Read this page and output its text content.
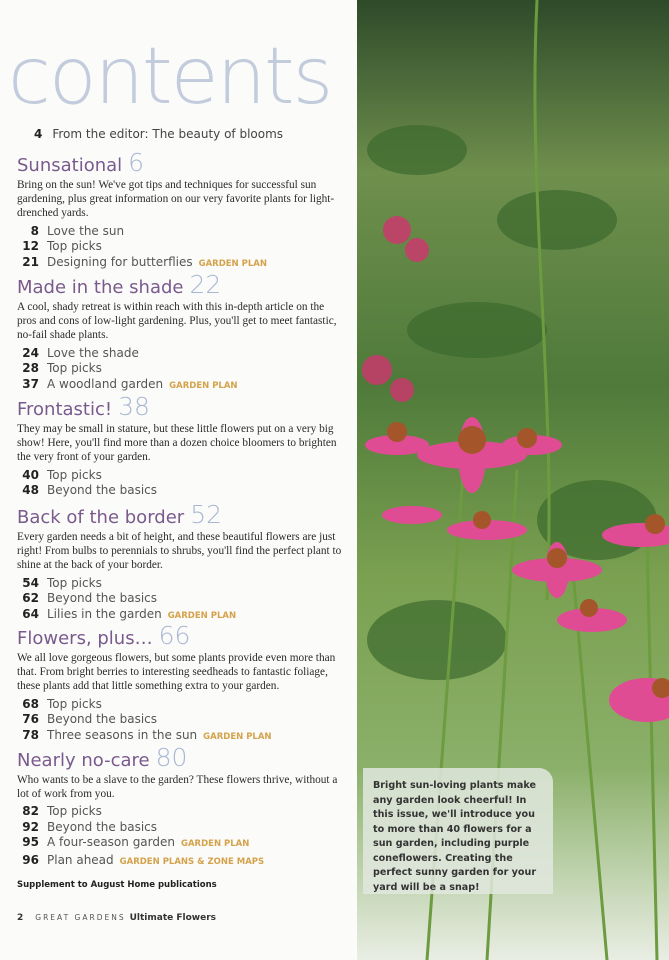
contents
4 From the editor: The beauty of blooms
Sunsational 6

Bring on the sun! We've got tips and techniques for successful sun gardening, plus great information on our very favorite plants for light-drenched yards.

8 Love the sun
12 Top picks
21 Designing for butterflies GARDEN PLAN
Made in the shade 22

A cool, shady retreat is within reach with this in-depth article on the pros and cons of low-light gardening. Plus, you'll get to meet fantastic, no-fail shade plants.

24 Love the shade
28 Top picks
37 A woodland garden GARDEN PLAN
Frontastic! 38

They may be small in stature, but these little flowers put on a very big show! Here, you'll find more than a dozen choice bloomers to brighten the very front of your garden.

40 Top picks
48 Beyond the basics
Back of the border 52

Every garden needs a bit of height, and these beautiful flowers are just right! From bulbs to perennials to shrubs, you'll find the perfect plant to shine at the back of your border.

54 Top picks
62 Beyond the basics
64 Lilies in the garden GARDEN PLAN
Flowers, plus… 66

We all love gorgeous flowers, but some plants provide even more than that. From bright berries to interesting seedheads to fantastic foliage, these plants add that little something extra to your garden.

68 Top picks
76 Beyond the basics
78 Three seasons in the sun GARDEN PLAN
Nearly no-care 80

Who wants to be a slave to the garden? These flowers thrive, without a lot of work from you.

82 Top picks
92 Beyond the basics
95 A four-season garden GARDEN PLAN
96 Plan ahead GARDEN PLANS & ZONE MAPS
Supplement to August Home publications
2 GREAT GARDENS Ultimate Flowers
Bright sun-loving plants make any garden look cheerful! In this issue, we'll introduce you to more than 40 flowers for a sun garden, including purple coneflowers. Creating the perfect sunny garden for your yard will be a snap!
